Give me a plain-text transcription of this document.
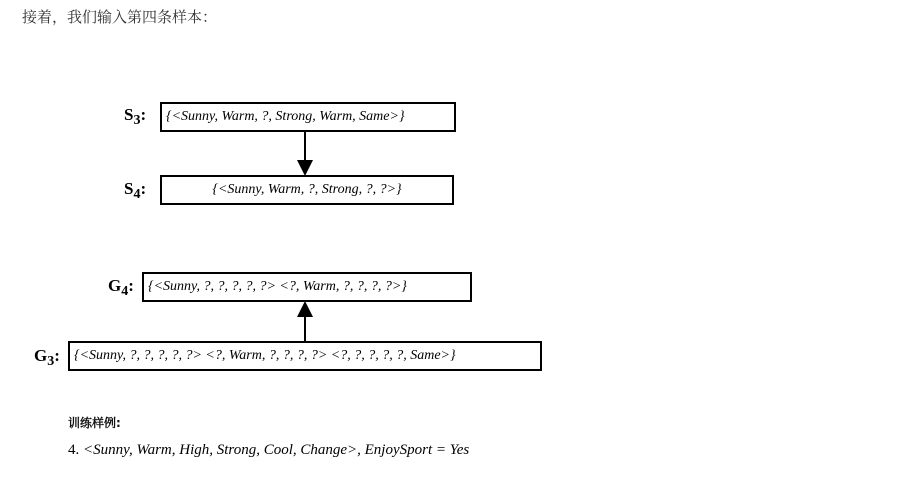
接着，我们输入第四条样本：
$S_3$: {<Sunny, Warm, ?, Strong, Warm, Same>}
$S_4$:	{<Sunny, Warm, ?, Strong, ?, ?>}
$G_4$: {<Sunny, ?, ?, ?, ?, ?> <?, Warm, ?, ?, ?, ?>}
$G_3$: {<Sunny, ?, ?, ?, ?, ?> <?, Warm, ?, ?, ?, ?> <?, ?, ?, ?, ?, Same>}
训练样例:
4. <Sunny, Warm, High, Strong, Cool, Change>, EnjoySport = Yes
